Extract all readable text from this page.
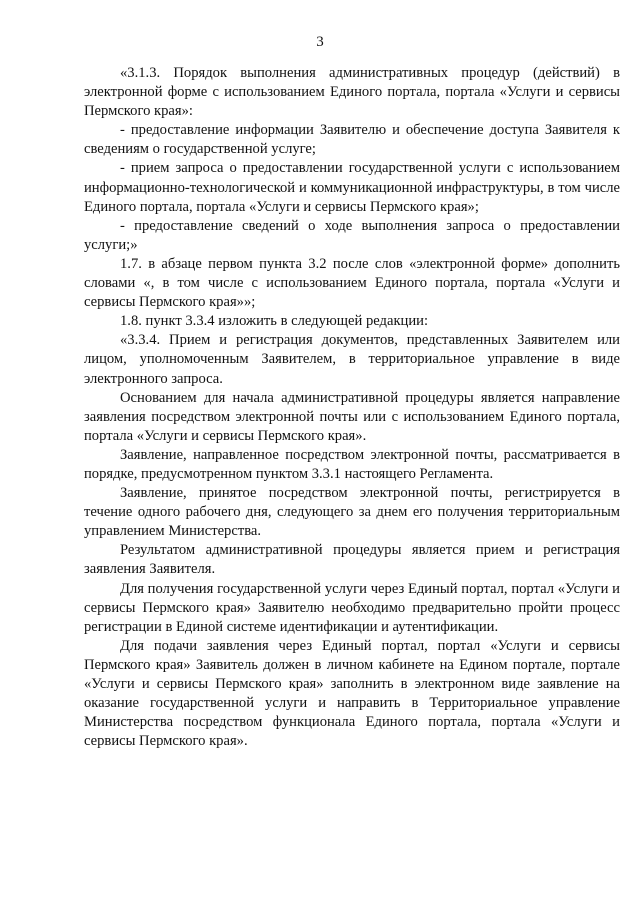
3

«3.1.3. Порядок выполнения административных процедур (действий) в электронной форме с использованием Единого портала, портала «Услуги и сервисы Пермского края»:

- предоставление информации Заявителю и обеспечение доступа Заявителя к сведениям о государственной услуге;

- прием запроса о предоставлении государственной услуги с использованием информационно-технологической и коммуникационной инфраструктуры, в том числе Единого портала, портала «Услуги и сервисы Пермского края»;

- предоставление сведений о ходе выполнения запроса о предоставлении услуги;»

1.7. в абзаце первом пункта 3.2 после слов «электронной форме» дополнить словами «, в том числе с использованием Единого портала, портала «Услуги и сервисы Пермского края»»;

1.8. пункт 3.3.4 изложить в следующей редакции:

«3.3.4. Прием и регистрация документов, представленных Заявителем или лицом, уполномоченным Заявителем, в территориальное управление в виде электронного запроса.

Основанием для начала административной процедуры является направление заявления посредством электронной почты или с использованием Единого портала, портала «Услуги и сервисы Пермского края».

Заявление, направленное посредством электронной почты, рассматривается в порядке, предусмотренном пунктом 3.3.1 настоящего Регламента.

Заявление, принятое посредством электронной почты, регистрируется в течение одного рабочего дня, следующего за днем его получения территориальным управлением Министерства.

Результатом административной процедуры является прием и регистрация заявления Заявителя.

Для получения государственной услуги через Единый портал, портал «Услуги и сервисы Пермского края» Заявителю необходимо предварительно пройти процесс регистрации в Единой системе идентификации и аутентификации.

Для подачи заявления через Единый портал, портал «Услуги и сервисы Пермского края» Заявитель должен в личном кабинете на Едином портале, портале «Услуги и сервисы Пермского края» заполнить в электронном виде заявление на оказание государственной услуги и направить в Территориальное управление Министерства посредством функционала Единого портала, портала «Услуги и сервисы Пермского края».
